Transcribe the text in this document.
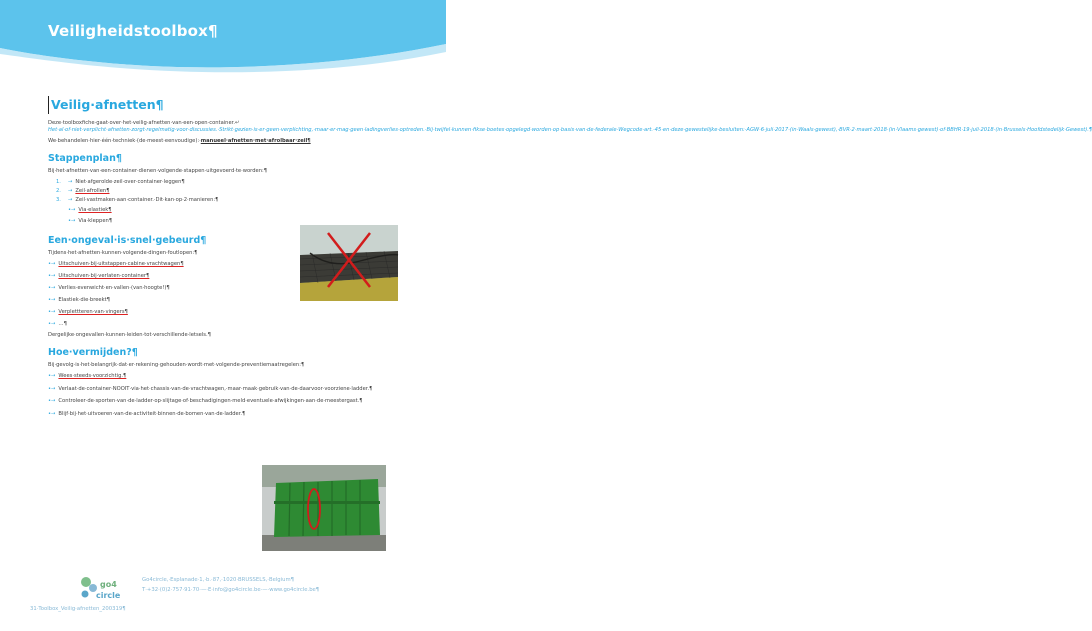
Veiligheidstoolbox¶
Veilig·afnetten¶
Deze·toolboxfiche·gaat·over·het·veilig·afnetten·van·een·open·container.↵
Het·al·of·niet·verplicht·afnetten·zorgt·regelmatig·voor·discussies.·Strikt·gezien·is·er·geen·verplichting,·maar·er·mag·geen·ladingverlies·optreden.·Bij·twijfel·kunnen·fikse·boetes·opgelegd·worden·op·basis·van·de·federale·Wegcode·art.·45·en·deze·gewestelijke·besluiten:·AGW·6·juli·2017·(in·Waals·gewest),·BVR·2·maart·2018·(in·Vlaams·gewest)·of·BBHR·19·juli·2018·(in·Brussels·Hoofdstedelijk·Gewest).¶
We·behandelen·hier·één·techniek·(de·meest·eenvoudige):·manueel·afnetten·met·afrolbaar·zeil¶
Stappenplan¶
Bij·het·afnetten·van·een·container·dienen·volgende·stappen·uitgevoerd·te·worden:¶
1. → Niet·afgerolde·zeil·over·container·leggen¶
2. → Zeil·afrollen¶
3. → Zeil·vastmaken·aan·container.·Dit·kan·op·2·manieren:¶
•→ Via·elastiek¶
•→ Via·kleppen¶
Een·ongeval·is·snel·gebeurd¶
Tijdens·het·afnetten·kunnen·volgende·dingen·foutlopen:¶
•→ Uitschuiven·bij·uitstappen·cabine·vrachtwagen¶
•→ Uitschuiven·bij·verlaten·container¶
•→ Verlies·evenwicht·en·vallen·(van·hoogte!)¶
•→ Elastiek·die·breekt¶
•→ Verplettteren·van·vingers¶
•→ …¶
Dergelijke·ongevallen·kunnen·leiden·tot·verschillende·letsels.¶
Hoe·vermijden?¶
Bij·gevolg·is·het·belangrijk·dat·er·rekening·gehouden·wordt·met·volgende·preventiemaatregelen:¶
•→ Wees·steeds·voorzichtig.¶
•→ Verlaat·de·container·NOOIT·via·het·chassis·van·de·vrachtwagen,·maar·maak·gebruik·van·de·daarvoor·voorziene·ladder.¶
•→ Controleer·de·sporten·van·de·ladder·op·slijtage·of·beschadigingen·meld·eventuele·afwijkingen·aan·de·meestergast.¶
•→ Blijf·bij·het·uitvoeren·van·de·activiteit·binnen·de·bomen·van·de·ladder.¶
go4
circle
Go4circle,·Esplanade·1,·b.·87,·1020·BRUSSELS,·Belgium¶
T·+32·(0)2·757·91·70·—·E·info@go4circle.be·—·www.go4circle.be¶
31·Toolbox_Veilig·afnetten_200319¶
